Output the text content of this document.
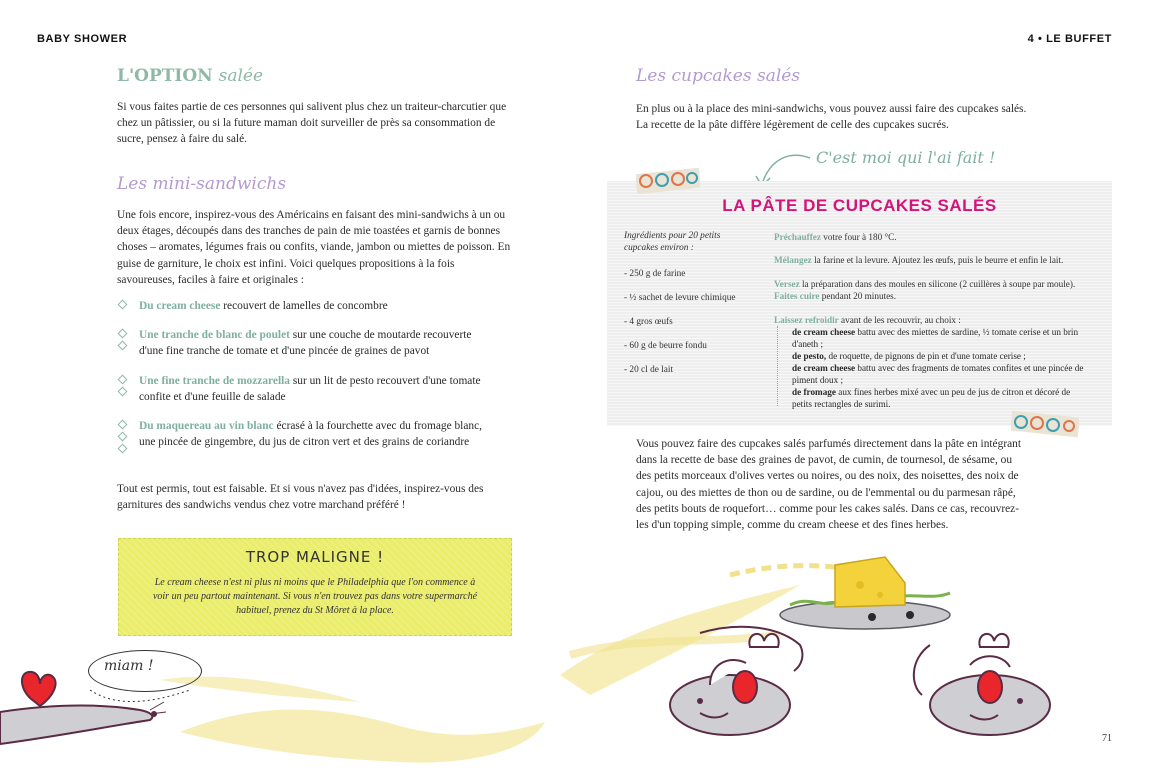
BABY SHOWER	4 • LE BUFFET
L'OPTION salée
Si vous faites partie de ces personnes qui salivent plus chez un traiteur-charcutier que chez un pâtissier, ou si la future maman doit surveiller de près sa consommation de sucre, pensez à faire du salé.
Les mini-sandwichs
Une fois encore, inspirez-vous des Américains en faisant des mini-sandwichs à un ou deux étages, découpés dans des tranches de pain de mie toastées et garnis de bonnes choses – aromates, légumes frais ou confits, viande, jambon ou miettes de poisson. En guise de garniture, le choix est infini. Voici quelques propositions à la fois savoureuses, faciles à faire et originales :
Du cream cheese recouvert de lamelles de concombre
Une tranche de blanc de poulet sur une couche de moutarde recouverte d'une fine tranche de tomate et d'une pincée de graines de pavot
Une fine tranche de mozzarella sur un lit de pesto recouvert d'une tomate confite et d'une feuille de salade
Du maquereau au vin blanc écrasé à la fourchette avec du fromage blanc, une pincée de gingembre, du jus de citron vert et des grains de coriandre
Tout est permis, tout est faisable. Et si vous n'avez pas d'idées, inspirez-vous des garnitures des sandwichs vendus chez votre marchand préféré !
TROP MALIGNE !
Le cream cheese n'est ni plus ni moins que le Philadelphia que l'on commence à voir un peu partout maintenant. Si vous n'en trouvez pas dans votre supermarché habituel, prenez du St Môret à la place.
miam !
Les cupcakes salés
En plus ou à la place des mini-sandwichs, vous pouvez aussi faire des cupcakes salés. La recette de la pâte diffère légèrement de celle des cupcakes sucrés.
C'est moi qui l'ai fait !
LA PÂTE DE CUPCAKES SALÉS
Ingrédients pour 20 petits cupcakes environ :
- 250 g de farine
- ½ sachet de levure chimique
- 4 gros œufs
- 60 g de beurre fondu
- 20 cl de lait
Préchauffez votre four à 180 °C.
Mélangez la farine et la levure. Ajoutez les œufs, puis le beurre et enfin le lait.
Versez la préparation dans des moules en silicone (2 cuillères à soupe par moule). Faites cuire pendant 20 minutes.
Laissez refroidir avant de les recouvrir, au choix :
de cream cheese battu avec des miettes de sardine, ½ tomate cerise et un brin d'aneth ;
de pesto, de roquette, de pignons de pin et d'une tomate cerise ;
de cream cheese battu avec des fragments de tomates confites et une pincée de piment doux ;
de fromage aux fines herbes mixé avec un peu de jus de citron et décoré de petits rectangles de surimi.
Vous pouvez faire des cupcakes salés parfumés directement dans la pâte en intégrant dans la recette de base des graines de pavot, de cumin, de tournesol, de sésame, ou des petits morceaux d'olives vertes ou noires, ou des noix, des noisettes, des noix de cajou, ou des miettes de thon ou de sardine, ou de l'emmental ou du parmesan râpé, des petits bouts de roquefort… comme pour les cakes salés. Dans ce cas, recouvrez-les d'un topping simple, comme du cream cheese et des fines herbes.
71
